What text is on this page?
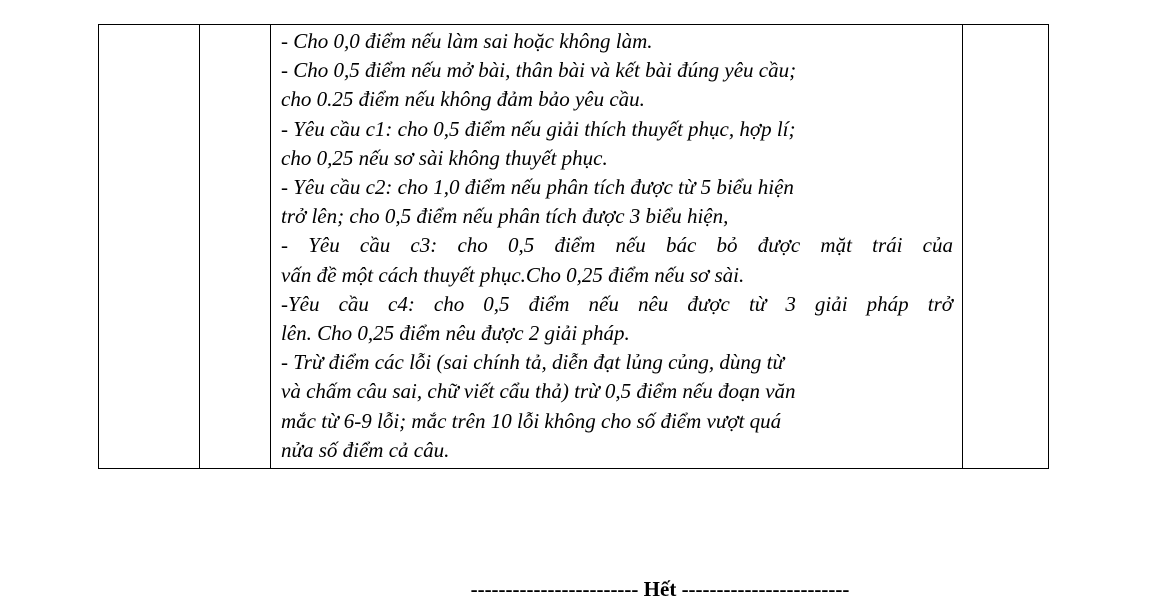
- Cho 0,0 điểm nếu làm sai hoặc không làm.

- Cho 0,5 điểm nếu mở bài, thân bài và kết bài đúng yêu cầu;

cho 0.25 điểm nếu không đảm bảo yêu cầu.

- Yêu cầu c1: cho 0,5 điểm nếu giải thích thuyết phục, hợp lí;

cho 0,25 nếu sơ sài không thuyết phục.

- Yêu cầu c2: cho 1,0 điểm nếu phân tích được từ 5 biểu hiện

trở lên; cho 0,5 điểm nếu phân tích được 3 biểu hiện,

- Yêu cầu c3: cho 0,5 điểm nếu bác bỏ được mặt trái của

vấn đề một cách thuyết phục.Cho 0,25 điểm nếu sơ sài.

-Yêu cầu c4: cho 0,5 điểm nếu nêu được từ 3 giải pháp trở

lên. Cho 0,25 điểm nêu được 2 giải pháp.

- Trừ điểm các lỗi (sai chính tả, diễn đạt lủng củng, dùng từ

và chấm câu sai, chữ viết cẩu thả) trừ 0,5 điểm nếu đoạn văn

mắc từ 6-9 lỗi; mắc trên 10 lỗi không cho số điểm vượt quá

nửa số điểm cả câu.

------------------------ Hết ------------------------
